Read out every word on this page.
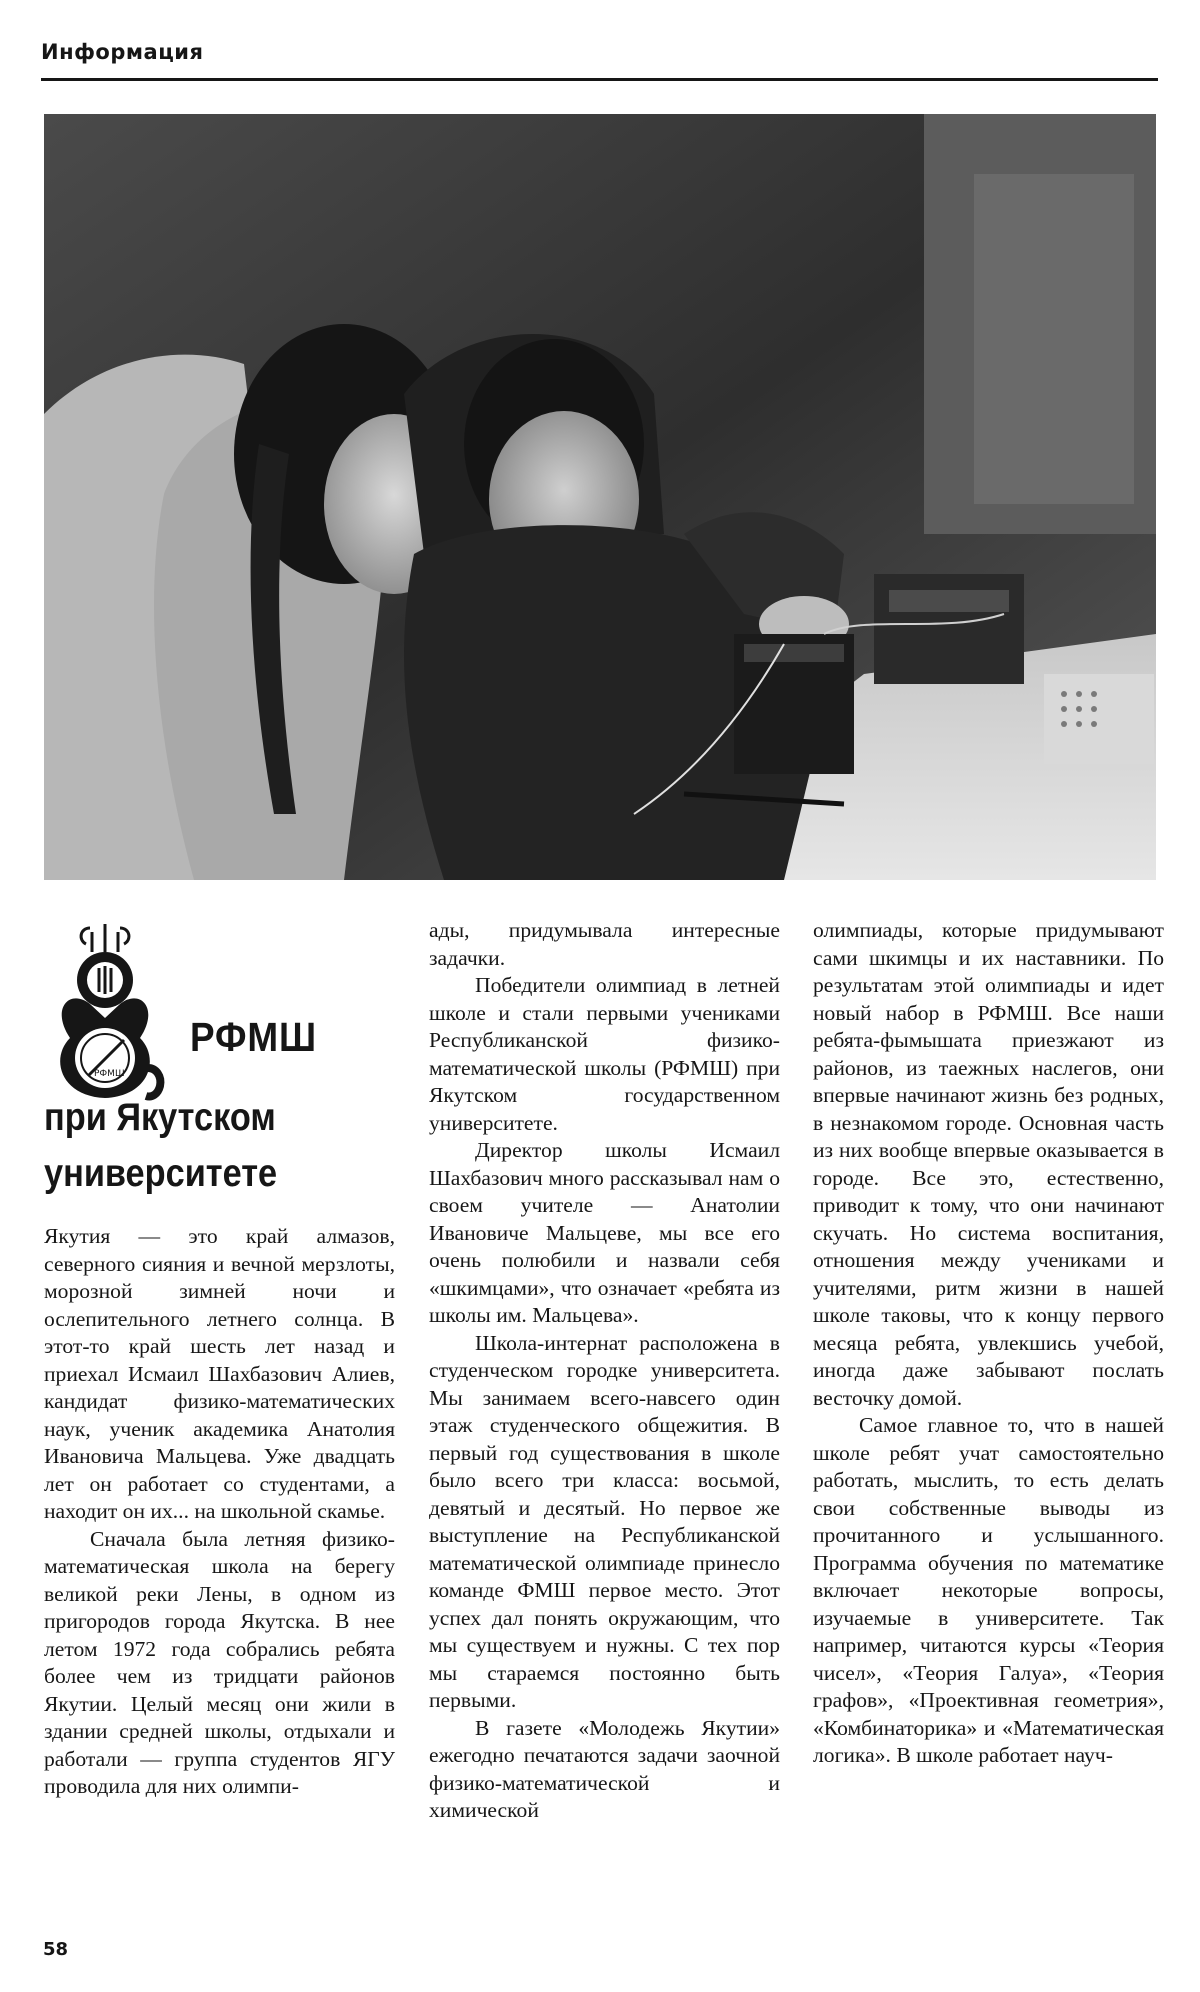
Информация
РФМШ
РФМШ
при Якутском университете

Якутия — это край алмазов, северного сияния и вечной мерзлоты, морозной зимней ночи и ослепительного летнего солнца. В этот-то край шесть лет назад и приехал Исмаил Шахбазович Алиев, кандидат физико-математических наук, ученик академика Анатолия Ивановича Мальцева. Уже двадцать лет он работает со студентами, а находит он их... на школьной скамье.

Сначала была летняя физико-математическая школа на берегу великой реки Лены, в одном из пригородов города Якутска. В нее летом 1972 года собрались ребята более чем из тридцати районов Якутии. Целый месяц они жили в здании средней школы, отдыхали и работали — группа студентов ЯГУ проводила для них олимпи-

ады, придумывала интересные задачки.

Победители олимпиад в летней школе и стали первыми учениками Республиканской физико-математической школы (РФМШ) при Якутском государственном университете.

Директор школы Исмаил Шахбазович много рассказывал нам о своем учителе — Анатолии Ивановиче Мальцеве, мы все его очень полюбили и назвали себя «шкимцами», что означает «ребята из школы им. Мальцева».

Школа-интернат расположена в студенческом городке университета. Мы занимаем всего-навсего один этаж студенческого общежития. В первый год существования в школе было всего три класса: восьмой, девятый и десятый. Но первое же выступление на Республиканской математической олимпиаде принесло команде ФМШ первое место. Этот успех дал понять окружающим, что мы существуем и нужны. С тех пор мы стараемся постоянно быть первыми.

В газете «Молодежь Якутии» ежегодно печатаются задачи заочной физико-математической и химической

олимпиады, которые придумывают сами шкимцы и их наставники. По результатам этой олимпиады и идет новый набор в РФМШ. Все наши ребята-фымышата приезжают из районов, из таежных наслегов, они впервые начинают жизнь без родных, в незнакомом городе. Основная часть из них вообще впервые оказывается в городе. Все это, естественно, приводит к тому, что они начинают скучать. Но система воспитания, отношения между учениками и учителями, ритм жизни в нашей школе таковы, что к концу первого месяца ребята, увлекшись учебой, иногда даже забывают послать весточку домой.

Самое главное то, что в нашей школе ребят учат самостоятельно работать, мыслить, то есть делать свои собственные выводы из прочитанного и услышанного. Программа обучения по математике включает некоторые вопросы, изучаемые в университете. Так например, читаются курсы «Теория чисел», «Теория Галуа», «Теория графов», «Проективная геометрия», «Комбинаторика» и «Математическая логика». В школе работает науч-

58
